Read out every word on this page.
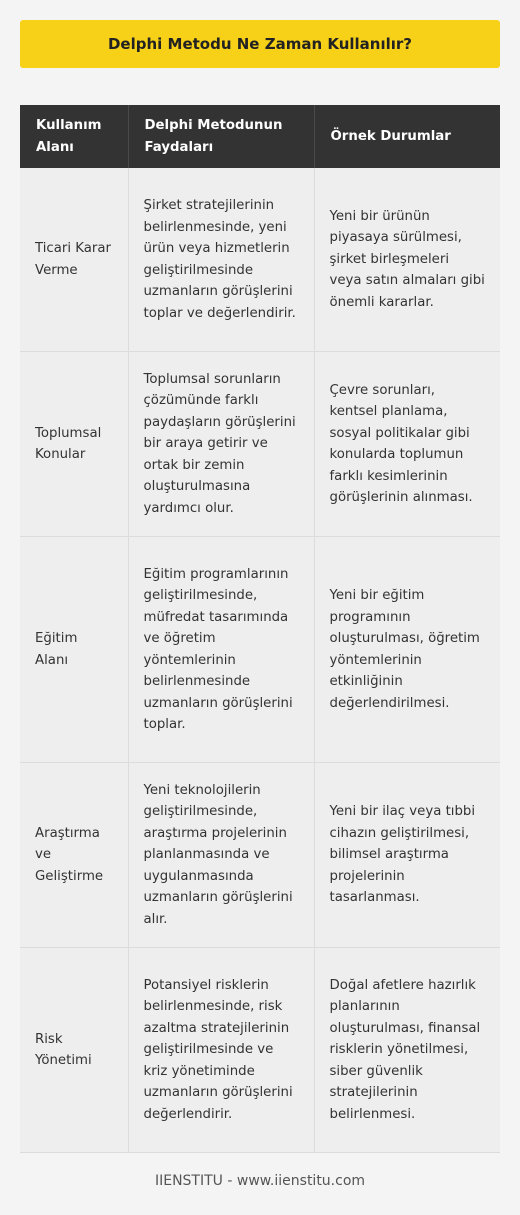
Delphi Metodu Ne Zaman Kullanılır?
Kullanım Alanı	Delphi Metodunun Faydaları	Örnek Durumlar
Ticari Karar Verme	Şirket stratejilerinin belirlenmesinde, yeni ürün veya hizmetlerin geliştirilmesinde uzmanların görüşlerini toplar ve değerlendirir.	Yeni bir ürünün piyasaya sürülmesi, şirket birleşmeleri veya satın almaları gibi önemli kararlar.
Toplumsal Konular	Toplumsal sorunların çözümünde farklı paydaşların görüşlerini bir araya getirir ve ortak bir zemin oluşturulmasına yardımcı olur.	Çevre sorunları, kentsel planlama, sosyal politikalar gibi konularda toplumun farklı kesimlerinin görüşlerinin alınması.
Eğitim Alanı	Eğitim programlarının geliştirilmesinde, müfredat tasarımında ve öğretim yöntemlerinin belirlenmesinde uzmanların görüşlerini toplar.	Yeni bir eğitim programının oluşturulması, öğretim yöntemlerinin etkinliğinin değerlendirilmesi.
Araştırma ve Geliştirme	Yeni teknolojilerin geliştirilmesinde, araştırma projelerinin planlanmasında ve uygulanmasında uzmanların görüşlerini alır.	Yeni bir ilaç veya tıbbi cihazın geliştirilmesi, bilimsel araştırma projelerinin tasarlanması.
Risk Yönetimi	Potansiyel risklerin belirlenmesinde, risk azaltma stratejilerinin geliştirilmesinde ve kriz yönetiminde uzmanların görüşlerini değerlendirir.	Doğal afetlere hazırlık planlarının oluşturulması, finansal risklerin yönetilmesi, siber güvenlik stratejilerinin belirlenmesi.
IIENSTITU - www.iienstitu.com
